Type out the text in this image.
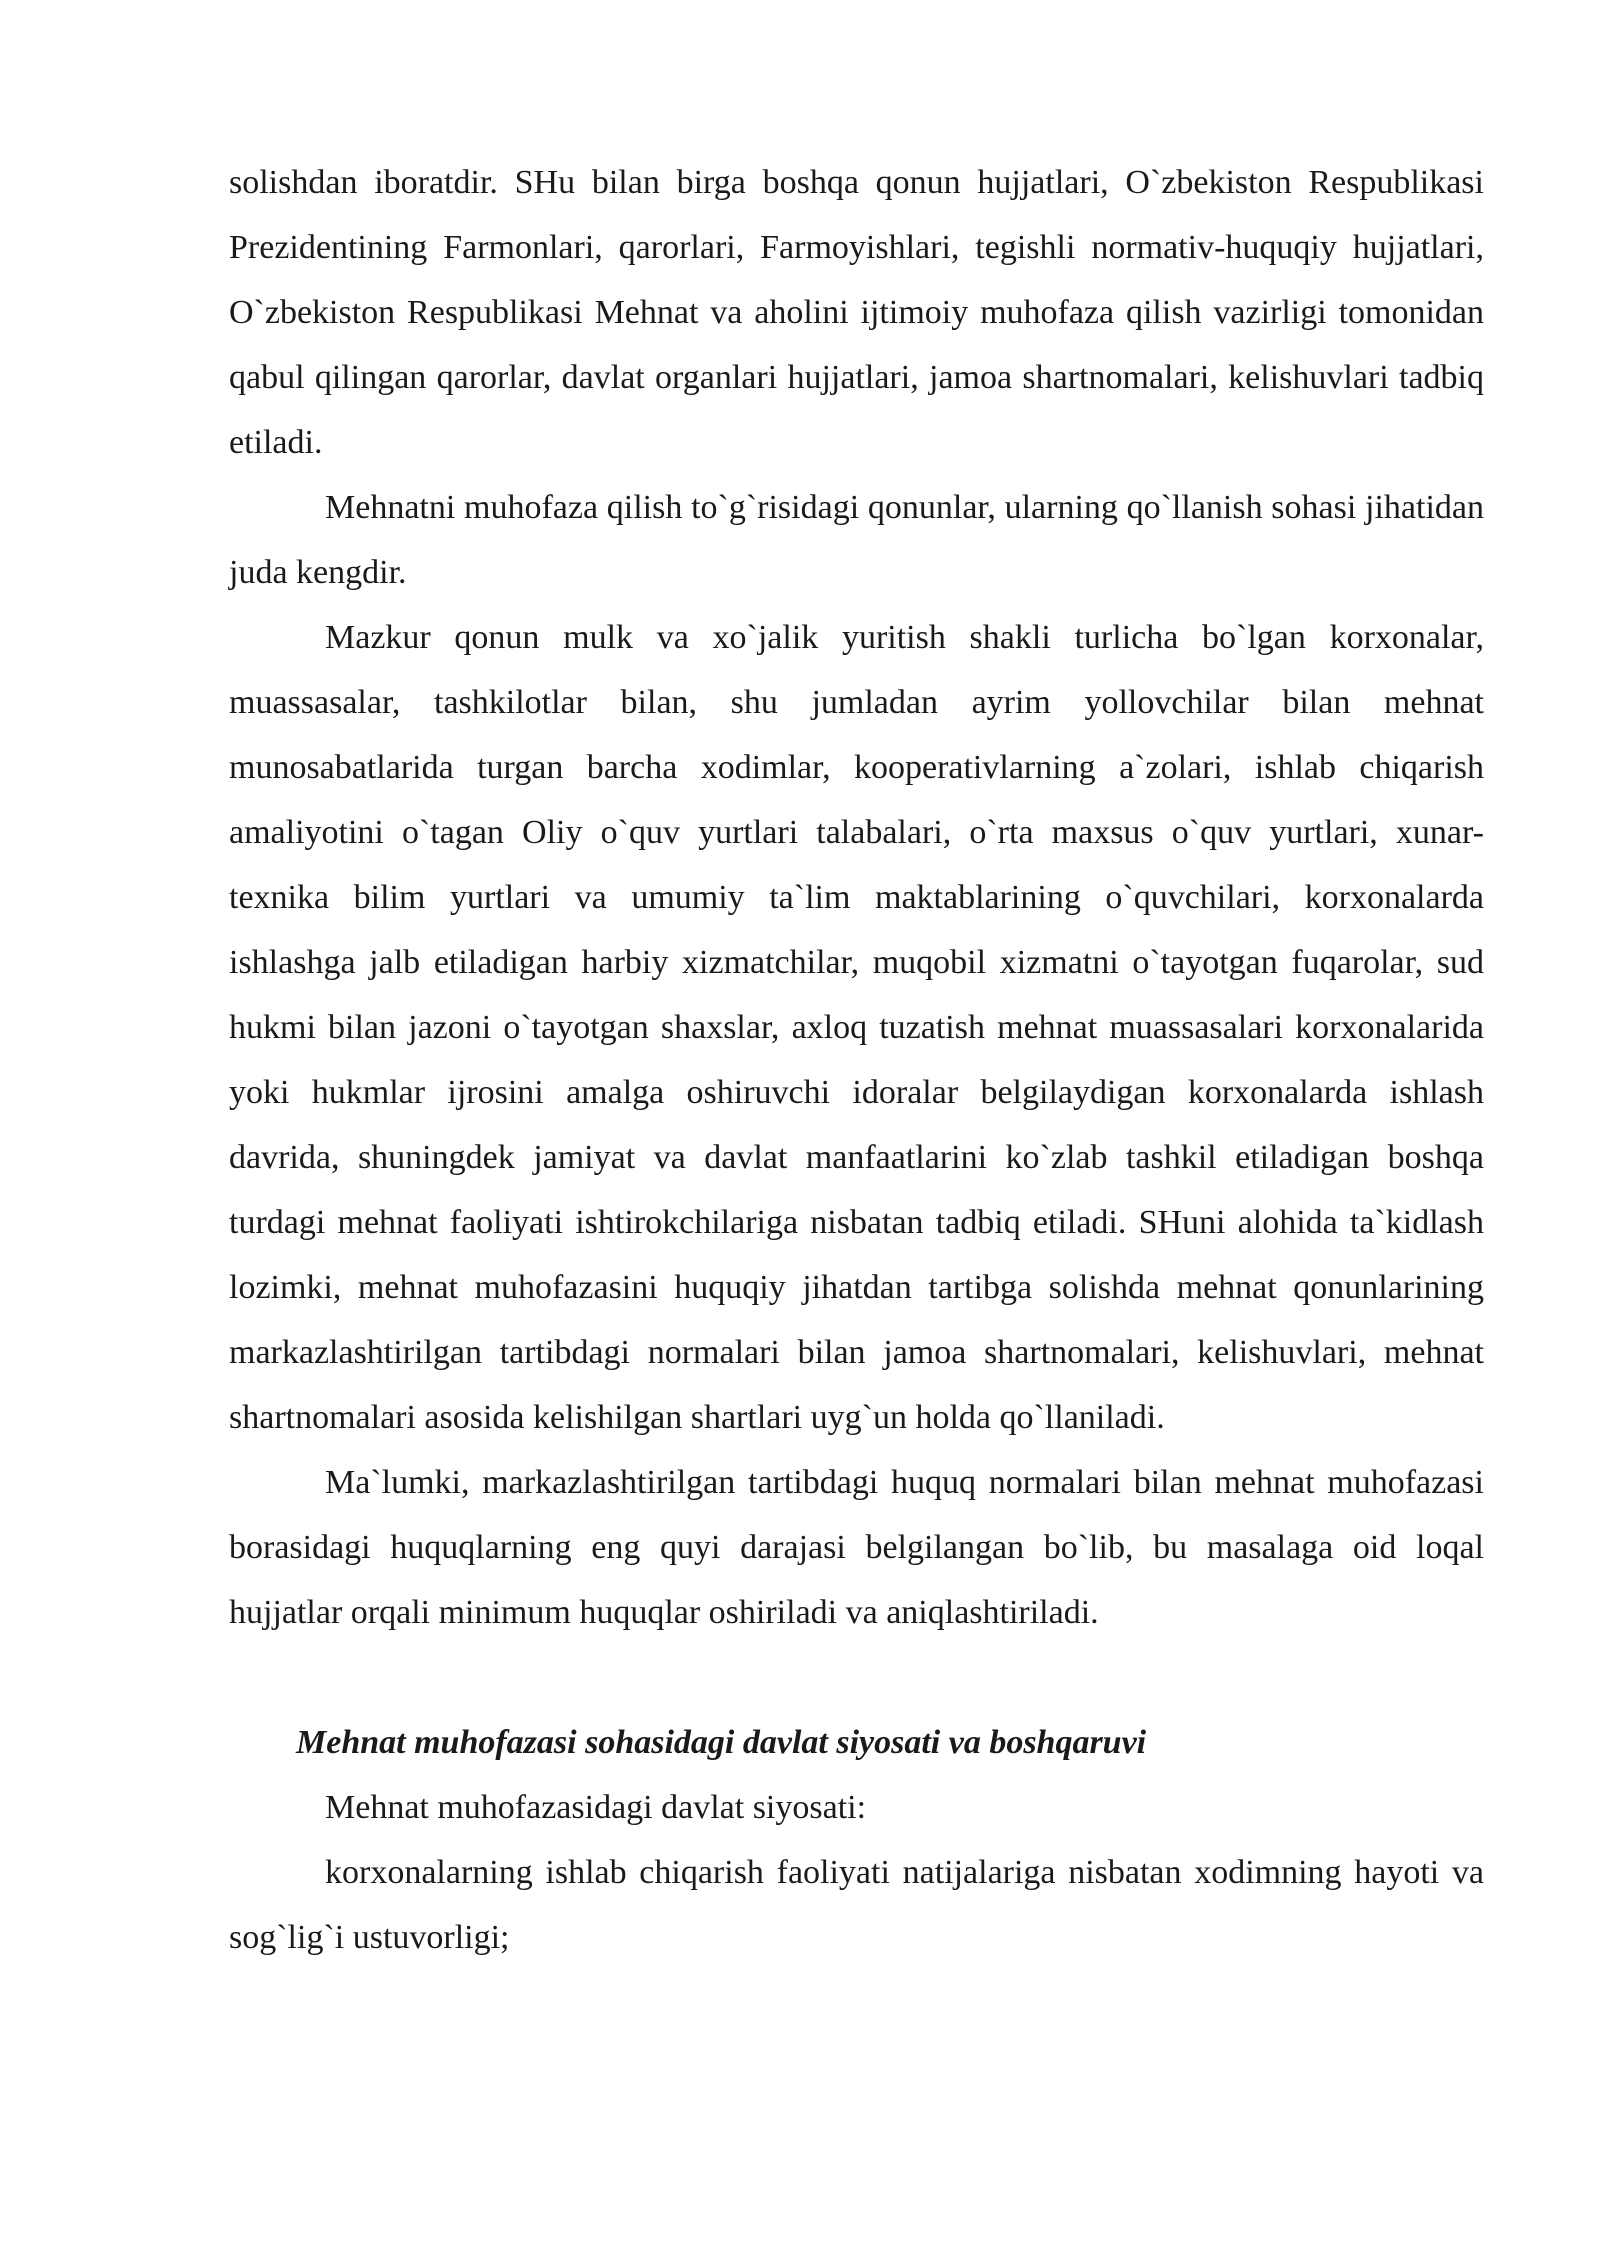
solishdan iboratdir. SHu bilan birga boshqa qonun hujjatlari, O`zbekiston Respublikasi Prezidentining Farmonlari, qarorlari, Farmoyishlari, tegishli normativ-huquqiy hujjatlari, O`zbekiston Respublikasi Mehnat va aholini ijtimoiy muhofaza qilish vazirligi tomonidan qabul qilingan qarorlar, davlat organlari hujjatlari, jamoa shartnomalari, kelishuvlari tadbiq etiladi.

Mehnatni muhofaza qilish to`g`risidagi qonunlar, ularning qo`llanish sohasi jihatidan juda kengdir.

Mazkur qonun mulk va xo`jalik yuritish shakli turlicha bo`lgan korxonalar, muassasalar, tashkilotlar bilan, shu jumladan ayrim yollovchilar bilan mehnat munosabatlarida turgan barcha xodimlar, kooperativlarning a`zolari, ishlab chiqarish amaliyotini o`tagan Oliy o`quv yurtlari talabalari, o`rta maxsus o`quv yurtlari, xunar-texnika bilim yurtlari va umumiy ta`lim maktablarining o`quvchilari, korxonalarda ishlashga jalb etiladigan harbiy xizmatchilar, muqobil xizmatni o`tayotgan fuqarolar, sud hukmi bilan jazoni o`tayotgan shaxslar, axloq tuzatish mehnat muassasalari korxonalarida yoki hukmlar ijrosini amalga oshiruvchi idoralar belgilaydigan korxonalarda ishlash davrida, shuningdek jamiyat va davlat manfaatlarini ko`zlab tashkil etiladigan boshqa turdagi mehnat faoliyati ishtirokchilariga nisbatan tadbiq etiladi. SHuni alohida ta`kidlash lozimki, mehnat muhofazasini huquqiy jihatdan tartibga solishda mehnat qonunlarining markazlashtirilgan tartibdagi normalari bilan jamoa shartnomalari, kelishuvlari, mehnat shartnomalari asosida kelishilgan shartlari uyg`un holda qo`llaniladi.

Ma`lumki, markazlashtirilgan tartibdagi huquq normalari bilan mehnat muhofazasi borasidagi huquqlarning eng quyi darajasi belgilangan bo`lib, bu masalaga oid loqal hujjatlar orqali minimum huquqlar oshiriladi va aniqlashtiriladi.

Mehnat muhofazasi sohasidagi davlat siyosati va boshqaruvi

Mehnat muhofazasidagi davlat siyosati:

korxonalarning ishlab chiqarish faoliyati natijalariga nisbatan xodimning hayoti va sog`lig`i ustuvorligi;
